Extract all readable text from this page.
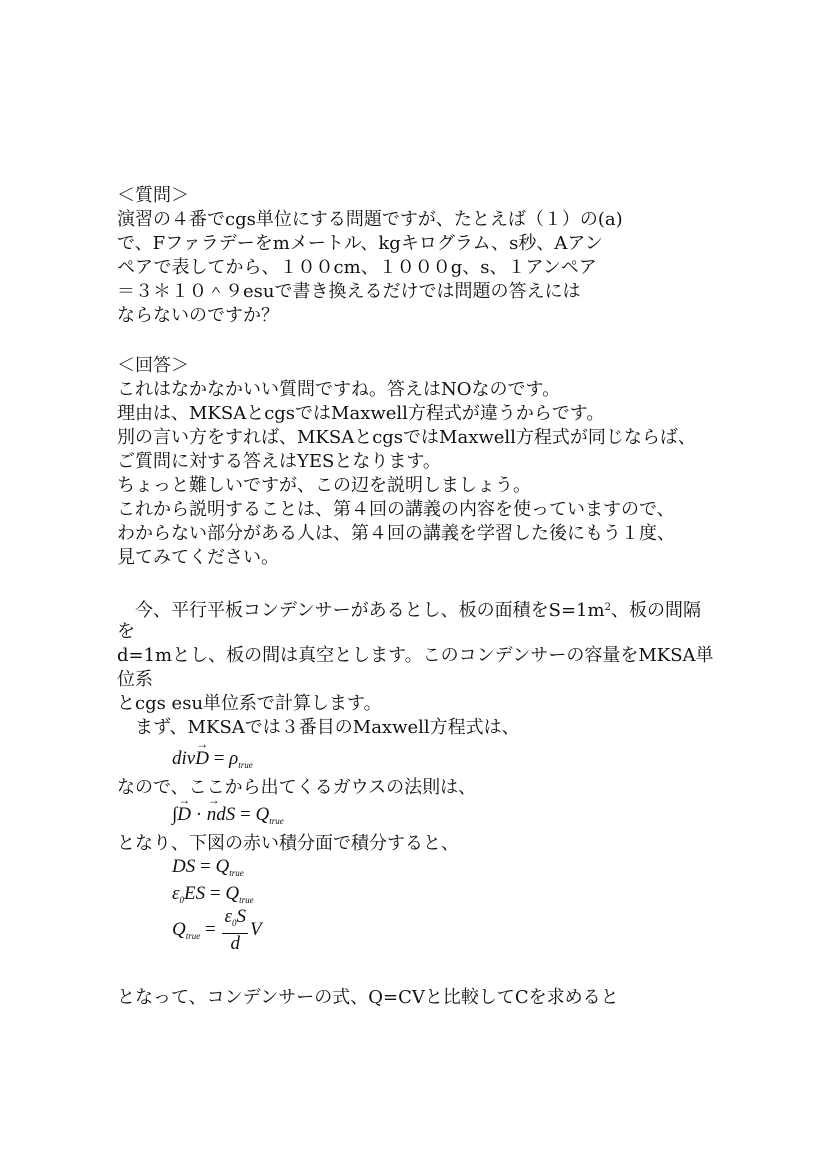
＜質問＞
演習の４番でcgs単位にする問題ですが、たとえば（１）の(a)
で、Fファラデーをmメートル、kgキログラム、s秒、Aアン
ペアで表してから、１００cm、１０００g、s、１アンペア
＝３＊１０＾９esuで書き換えるだけでは問題の答えには
ならないのですか？
＜回答＞
これはなかなかいい質問ですね。答えはNOなのです。
理由は、MKSAとcgsではMaxwell方程式が違うからです。
別の言い方をすれば、MKSAとcgsではMaxwell方程式が同じならば、
ご質問に対する答えはYESとなります。
ちょっと難しいですが、この辺を説明しましょう。
これから説明することは、第４回の講義の内容を使っていますので、
わからない部分がある人は、第４回の講義を学習した後にもう１度、
見てみてください。
　今、平行平板コンデンサーがあるとし、板の面積を$S=1m^2$、板の間隔
を
d=1mとし、板の間は真空とします。このコンデンサーの容量をMKSA単
位系
とcgs esu単位系で計算します。
　まず、MKSAでは３番目のMaxwell方程式は、
divD → = $\rho_{true}$
なので、ここから出てくるガウスの法則は、
∫D → · $n \to dS = Q_{true}$
となり、下図の赤い積分面で積分すると、
DS = $Q_{true}$
$\varepsilon_0ES = Q_{true}$
$Q_{true} = \frac{\varepsilon_0S}{d}$ V
となって、コンデンサーの式、Q=CVと比較してCを求めると
